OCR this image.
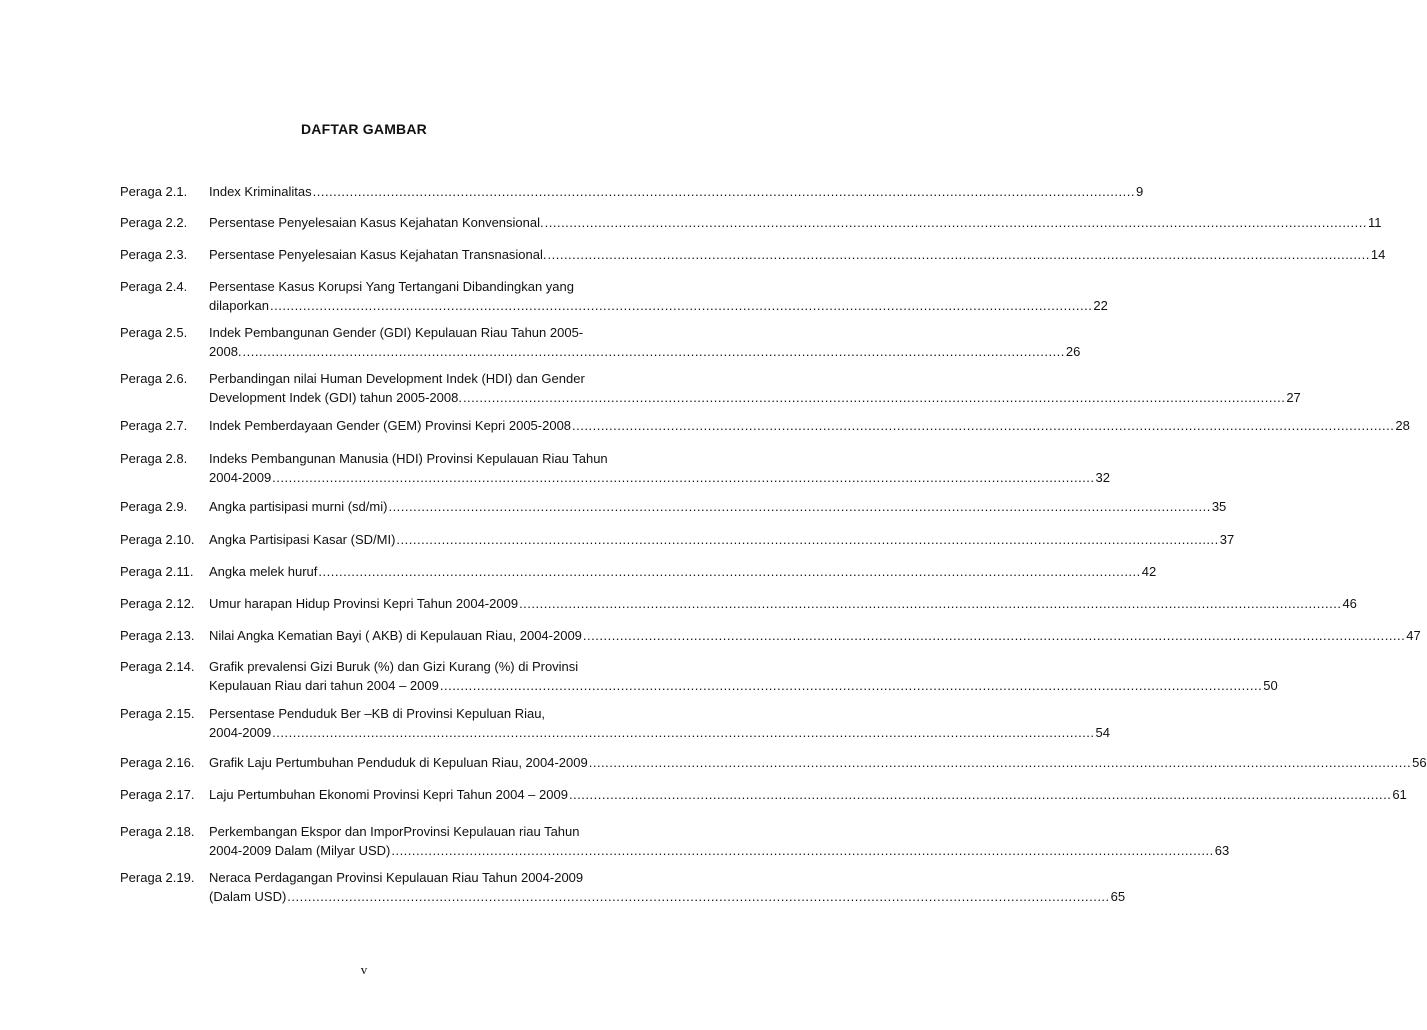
DAFTAR GAMBAR
Peraga 2.1. Index Kriminalitas ........................................................................................................................................................................................................ 9
Peraga 2.2. Persentase Penyelesaian Kasus Kejahatan Konvensional. ........................................................................................................................................................................................................ 11
Peraga 2.3. Persentase Penyelesaian Kasus Kejahatan Transnasional. ........................................................................................................................................................................................................ 14
Peraga 2.4. Persentase Kasus Korupsi Yang Tertangani Dibandingkan yang
dilaporkan ........................................................................................................................................................................................................ 22
Peraga 2.5. Indek Pembangunan Gender (GDI) Kepulauan Riau Tahun 2005-
2008. ........................................................................................................................................................................................................ 26
Peraga 2.6. Perbandingan nilai Human Development Indek (HDI) dan Gender
Development Indek (GDI) tahun 2005-2008. ........................................................................................................................................................................................................ 27
Peraga 2.7. Indek Pemberdayaan Gender (GEM) Provinsi Kepri 2005-2008 ........................................................................................................................................................................................................ 28
Peraga 2.8. Indeks Pembangunan Manusia (HDI) Provinsi Kepulauan Riau Tahun
2004-2009 ........................................................................................................................................................................................................ 32
Peraga 2.9. Angka partisipasi murni (sd/mi) ........................................................................................................................................................................................................ 35
Peraga 2.10. Angka Partisipasi Kasar (SD/MI) ........................................................................................................................................................................................................ 37
Peraga 2.11. Angka melek huruf ........................................................................................................................................................................................................ 42
Peraga 2.12. Umur harapan Hidup Provinsi Kepri Tahun 2004-2009 ........................................................................................................................................................................................................ 46
Peraga 2.13. Nilai Angka Kematian Bayi ( AKB) di Kepulauan Riau, 2004-2009 ........................................................................................................................................................................................................ 47
Peraga 2.14. Grafik prevalensi Gizi Buruk (%) dan Gizi Kurang (%) di Provinsi
Kepulauan Riau dari tahun 2004 – 2009 ........................................................................................................................................................................................................ 50
Peraga 2.15. Persentase Penduduk Ber –KB di Provinsi Kepuluan Riau,
2004-2009 ........................................................................................................................................................................................................ 54
Peraga 2.16. Grafik Laju Pertumbuhan Penduduk di Kepuluan Riau, 2004-2009 ........................................................................................................................................................................................................ 56
Peraga 2.17. Laju Pertumbuhan Ekonomi Provinsi Kepri Tahun 2004 – 2009 ........................................................................................................................................................................................................ 61
Peraga 2.18. Perkembangan Ekspor dan ImporProvinsi Kepulauan riau Tahun
2004-2009 Dalam (Milyar USD) ........................................................................................................................................................................................................ 63
Peraga 2.19. Neraca Perdagangan Provinsi Kepulauan Riau Tahun 2004-2009
(Dalam USD) ........................................................................................................................................................................................................ 65
v
